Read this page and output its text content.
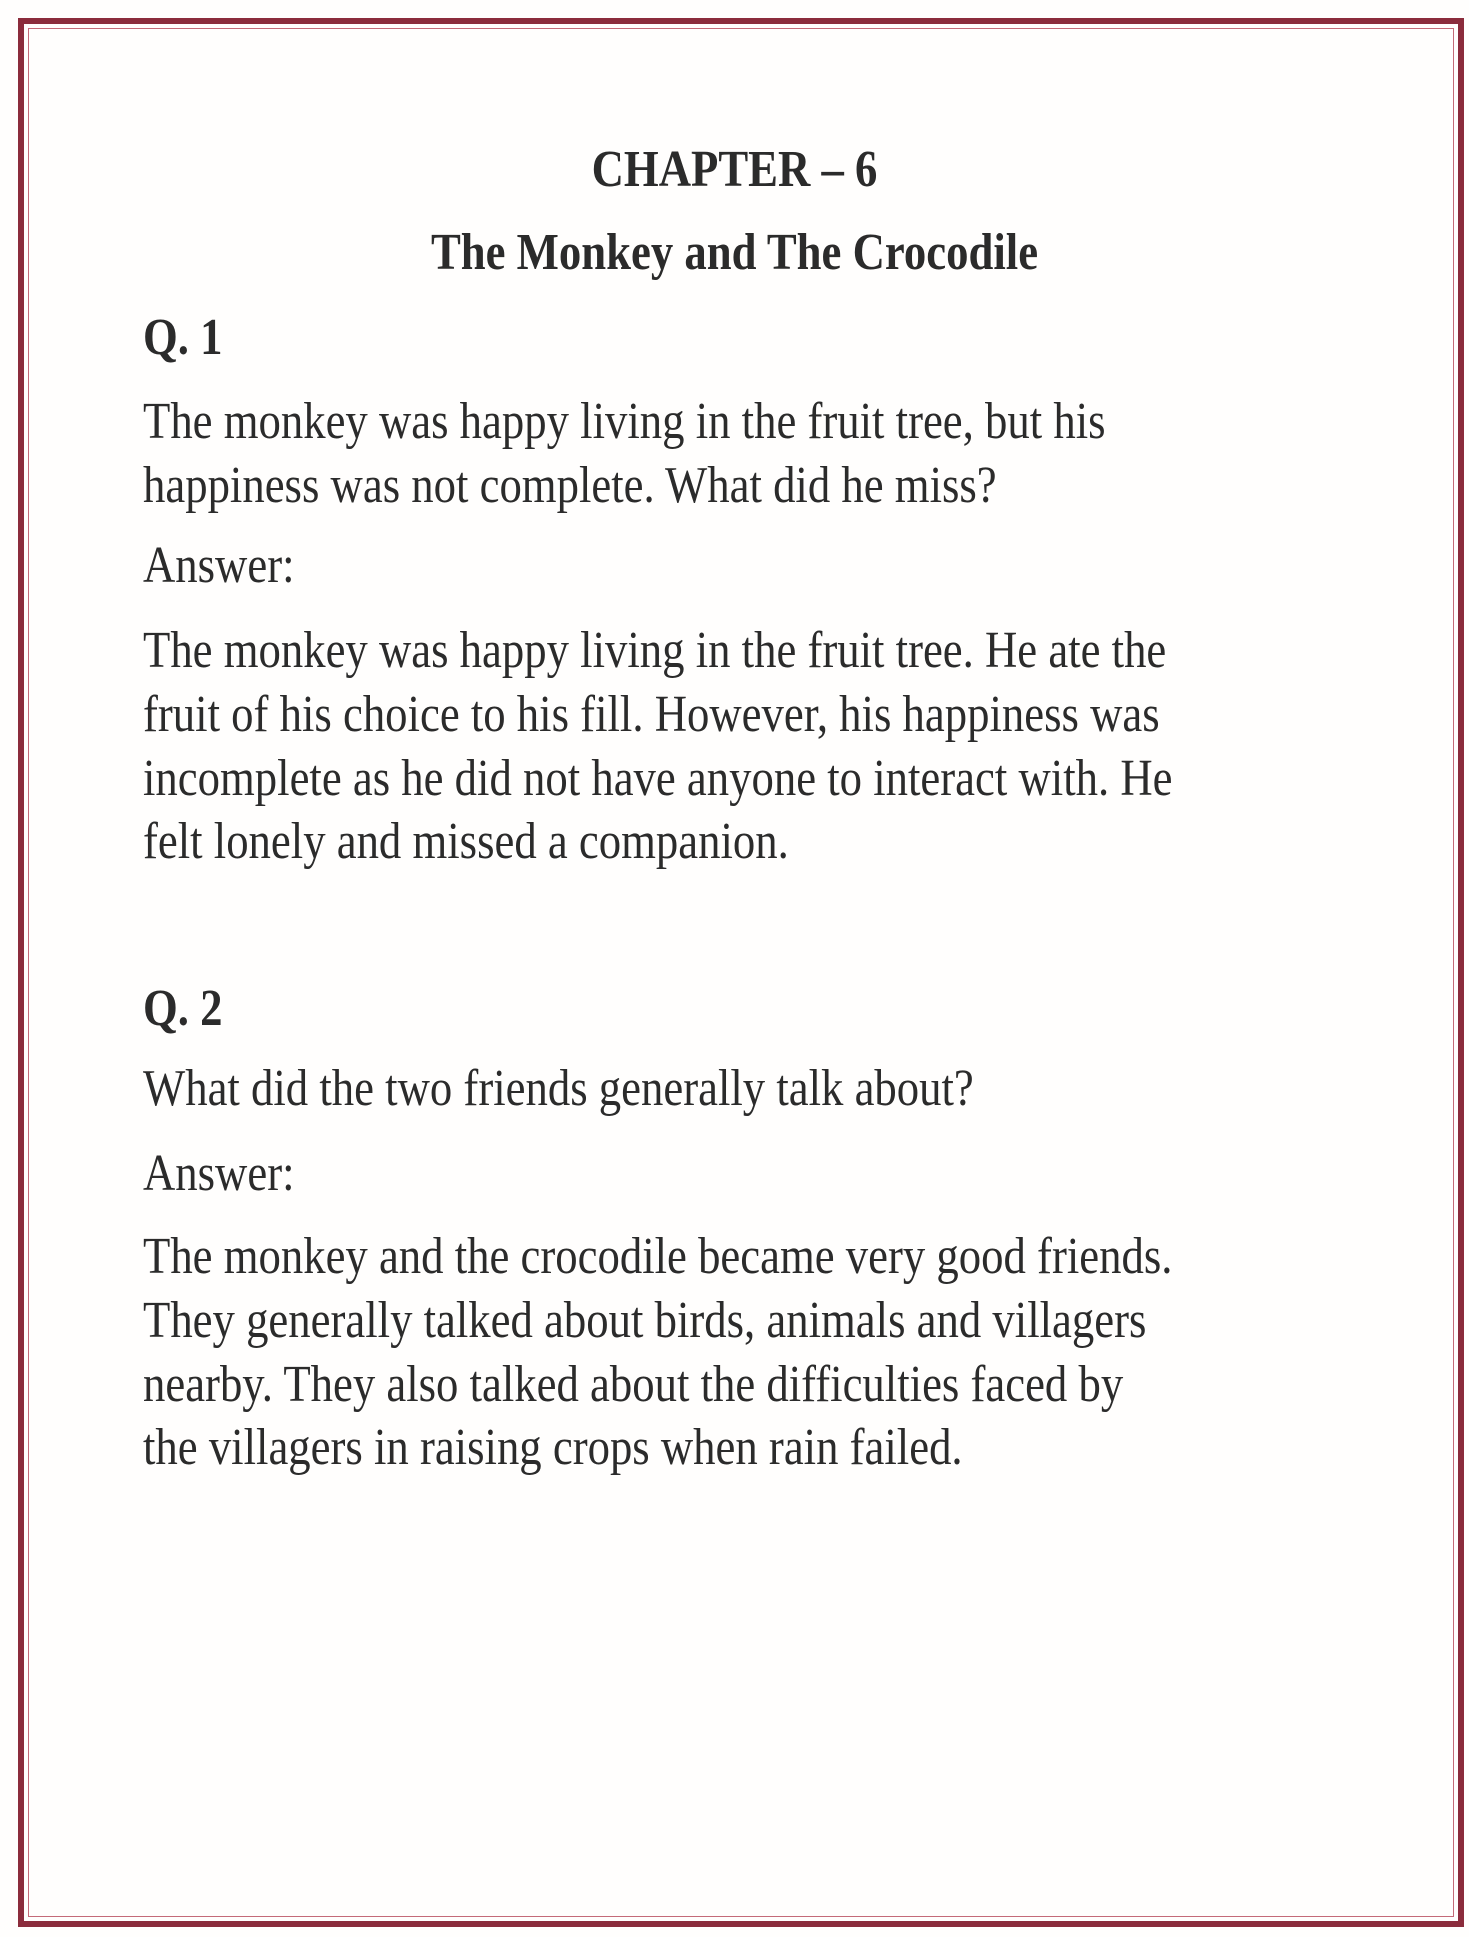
CHAPTER – 6
The Monkey and The Crocodile
Q. 1
The monkey was happy living in the fruit tree, but his
happiness was not complete. What did he miss?
Answer:
The monkey was happy living in the fruit tree. He ate the
fruit of his choice to his fill. However, his happiness was
incomplete as he did not have anyone to interact with. He
felt lonely and missed a companion.
Q. 2
What did the two friends generally talk about?
Answer:
The monkey and the crocodile became very good friends.
They generally talked about birds, animals and villagers
nearby. They also talked about the difficulties faced by
the villagers in raising crops when rain failed.
